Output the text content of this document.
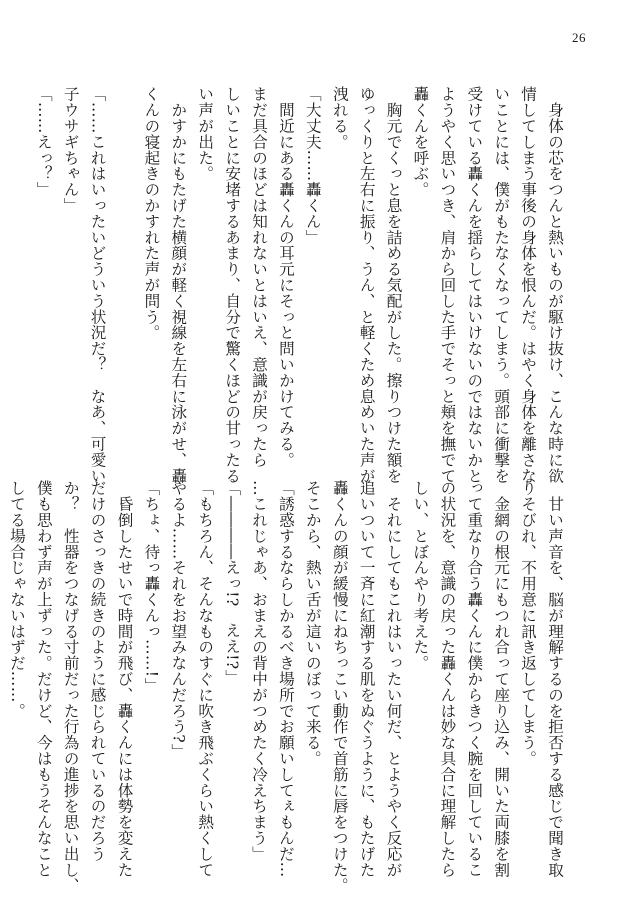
26

　身体の芯をつんと熱いものが駆け抜け、こんな時に欲

情してしまう事後の身体を恨んだ。はやく身体を離さな

いことには、僕がもたなくなってしまう。頭部に衝撃を

受けている轟くんを揺らしてはいけないのではないかと

ようやく思いつき、肩から回した手でそっと頬を撫でて

轟くんを呼ぶ。

　胸元でくっと息を詰める気配がした。擦りつけた額を

ゆっくりと左右に振り、うん、と軽くため息めいた声が

洩れる。

「大丈夫……轟くん」

　間近にある轟くんの耳元にそっと問いかけてみる。

まだ具合のほどは知れないとはいえ、意識が戻ったら

しいことに安堵するあまり、自分で驚くほどの甘ったる

い声が出た。

　かすかにもたげた横顔が軽く視線を左右に泳がせ、轟

くんの寝起きのかすれた声が問う。

「……これはいったいどういう状況だ？　なあ、可愛い

子ウサギちゃん」

「……えっ？」

　甘い声音を、脳が理解するのを拒否する感じで聞き取

りそびれ、不用意に訊き返してしまう。

　金網の根元にもつれ合って座り込み、開いた両膝を割

って重なり合う轟くんに僕からきつく腕を回しているこ

の状況を、意識の戻った轟くんは妙な具合に理解したら

しい、とぼんやり考えた。

　それにしてもこれはいったい何だ、とようやく反応が

追いついて一斉に紅潮する肌をぬぐうように、もたげた

轟くんの顔が緩慢にねちっこい動作で首筋に唇をつけた。

そこから、熱い舌が這いのぼって来る。

「誘惑するならしかるべき場所でお願いしてぇもんだ…

…これじゃあ、おまえの背中がつめたく冷えちまう」

「――――えっ!?　ええ!?」

「もちろん、そんなものすぐに吹き飛ぶくらい熱くして

やるよ……それをお望みなんだろう?」

「ちょ、待っ轟くんっ……!」

　昏倒したせいで時間が飛び、轟くんには体勢を変えた

だけのさっきの続きのように感じられているのだろう

か？　性器をつなげる寸前だった行為の進捗を思い出し、

僕も思わず声が上ずった。だけど、今はもうそんなこと

してる場合じゃないはずだ……。
